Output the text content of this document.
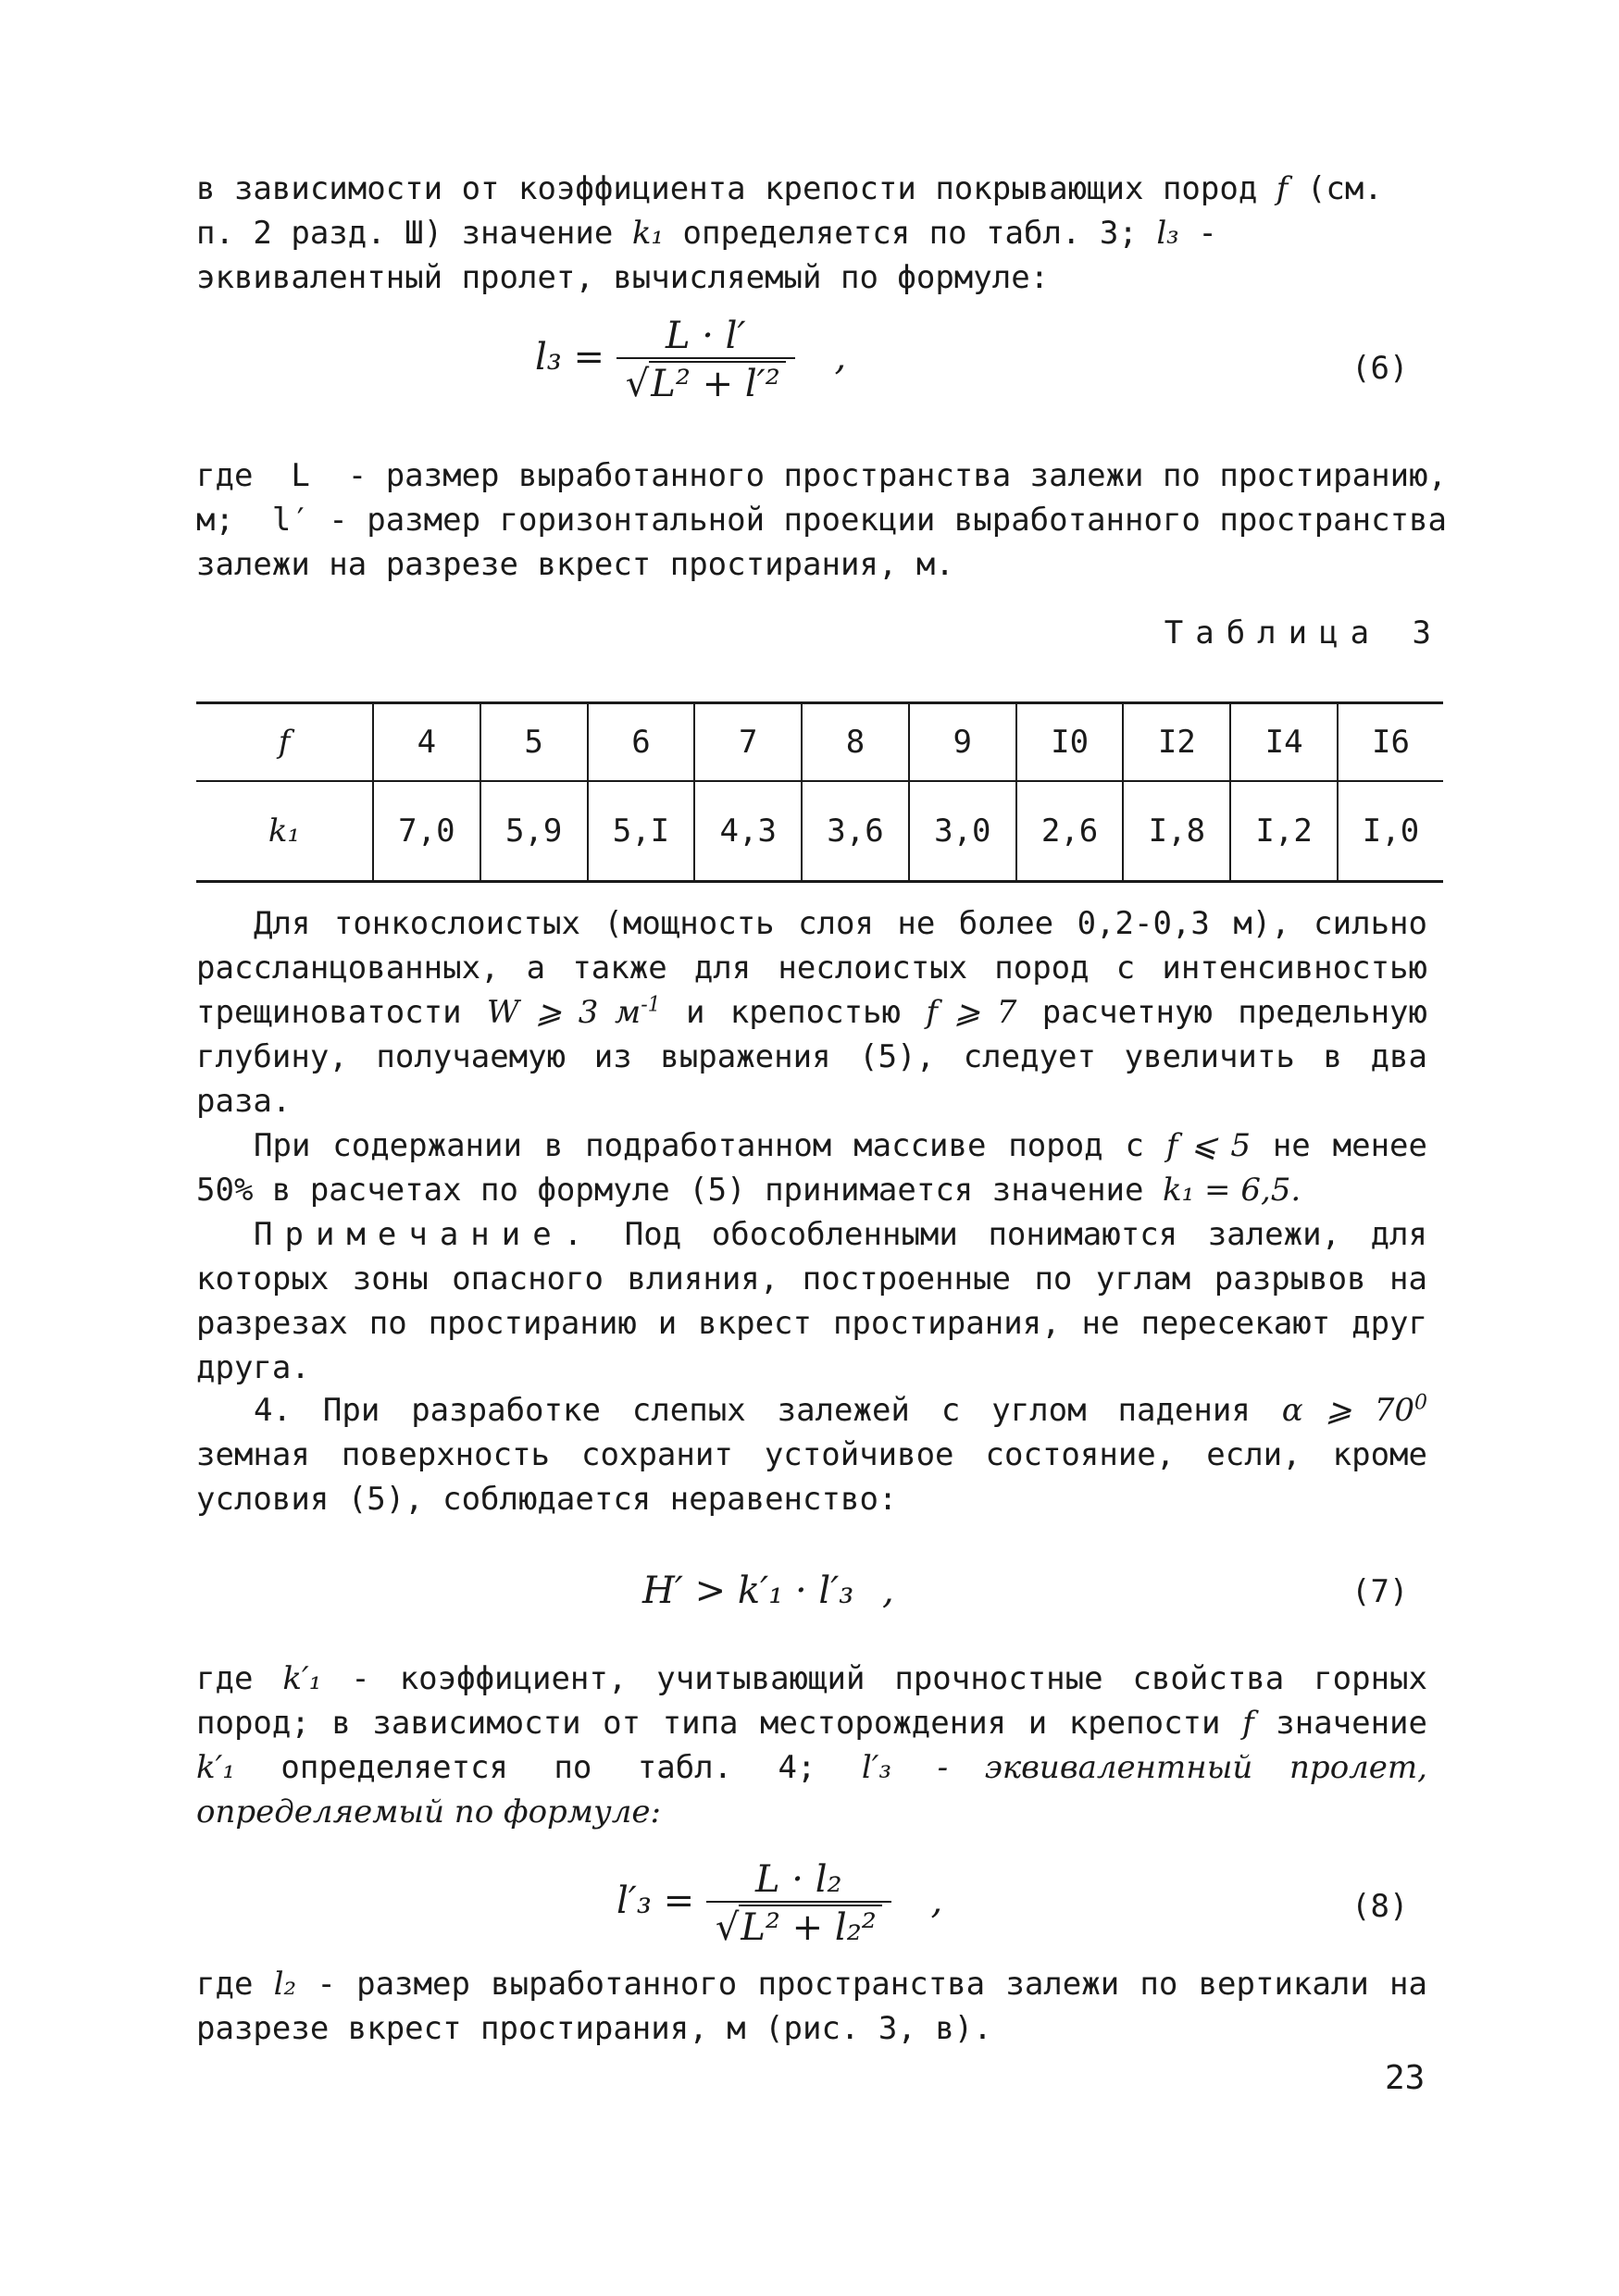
в зависимости от коэффициента крепости покрывающих пород f (см.
п. 2 разд. Ш) значение k₁ определяется по табл. 3; l₃ -
эквивалентный пролет, вычисляемый по формуле:

$l_3 = \frac{L \cdot l'}{\text{√L² + l′²}}$ ,	(6)

где  L  - размер выработанного пространства залежи по простиранию,
м;  l′ - размер горизонтальной проекции выработанного пространства
залежи на разрезе вкрест простирания, м.

Таблица 3

f	4	5	6	7	8	9	I0	I2	I4	I6
k₁	7,0	5,9	5,I	4,3	3,6	3,0	2,6	I,8	I,2	I,0

Для тонкослоистых (мощность слоя не более 0,2-0,3 м), сильно рассланцованных, а также для неслоистых пород с интенсивностью трещиноватости W ⩾ 3 $м^{-1}$ и крепостью f ⩾ 7 расчетную предельную глубину, получаемую из выражения (5), следует увеличить в два раза.

При содержании в подработанном массиве пород с f ⩽ 5 не менее 50% в расчетах по формуле (5) принимается значение k₁ = 6,5.

Примечание. Под обособленными понимаются залежи, для которых зоны опасного влияния, построенные по углам разрывов на разрезах по простиранию и вкрест простирания, не пересекают друг друга.

4. При разработке слепых залежей с углом падения α ⩾ $70^0$ земная поверхность сохранит устойчивое состояние, если, кроме условия (5), соблюдается неравенство:

H′ > k′₁ · l′₃ ,	(7)

где k′₁ - коэффициент, учитывающий прочностные свойства горных пород; в зависимости от типа месторождения и крепости f значение k′₁ определяется по табл. 4; l′₃ - эквивалентный пролет, определяемый по формуле:

$l'_3 = \frac{\text{L · l₂}}{\text{√L² + l₂²}}$ ,	(8)

где l₂ - размер выработанного пространства залежи по вертикали на разрезе вкрест простирания, м (рис. 3, в).

23
